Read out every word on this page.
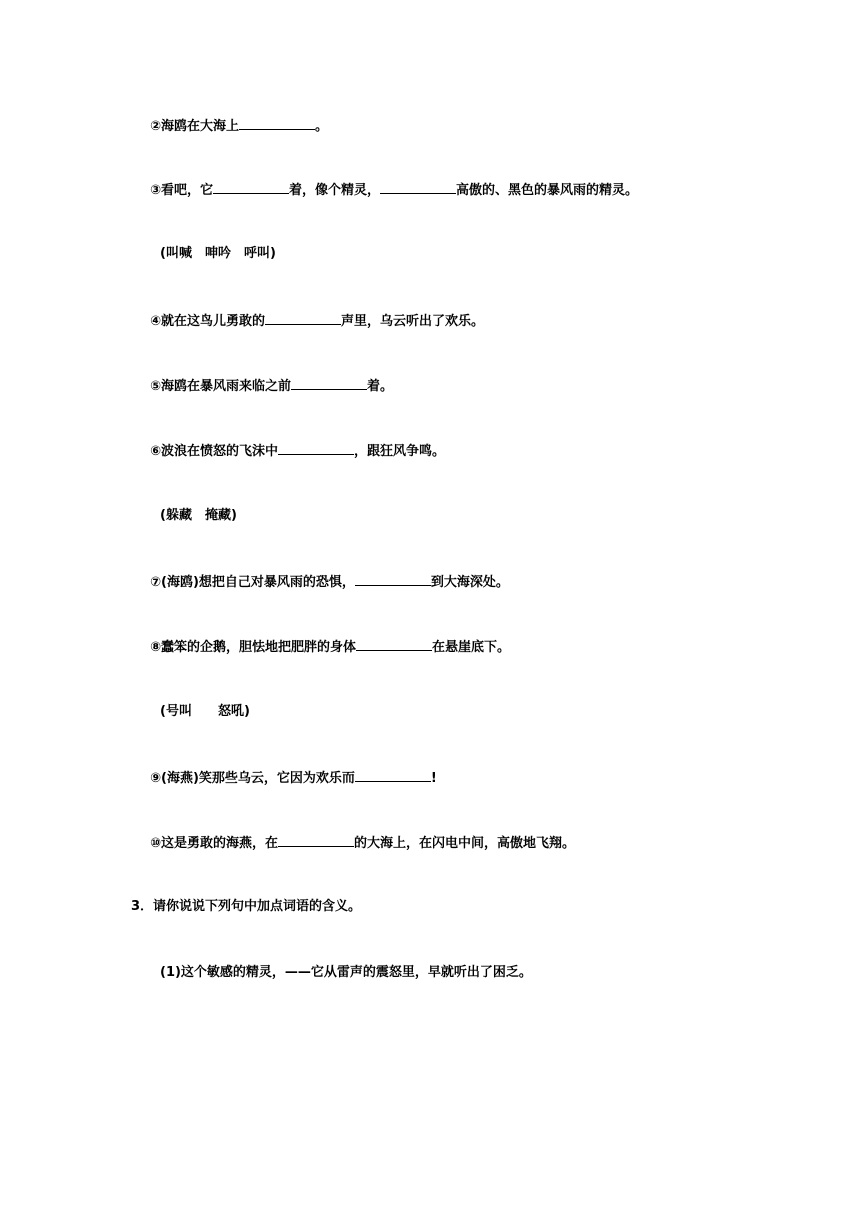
②海鸥在大海上	。
③看吧，它	着，像个精灵，	高傲的、黑色的暴风雨的精灵。
(叫喊　呻吟　呼叫)
④就在这鸟儿勇敢的	声里，乌云听出了欢乐。
⑤海鸥在暴风雨来临之前	着。
⑥波浪在愤怒的飞沫中	，跟狂风争鸣。
(躲藏　掩藏)
⑦(海鸥)想把自己对暴风雨的恐惧，	到大海深处。
⑧蠢笨的企鹅，胆怯地把肥胖的身体	在悬崖底下。
(号叫　　怒吼)
⑨(海燕)笑那些乌云，它因为欢乐而	!
⑩这是勇敢的海燕，在	的大海上，在闪电中间，高傲地飞翔。
3．请你说说下列句中加点词语的含义。
(1)这个敏感的精灵，——它从雷声的震怒里，早就听出了困乏。
